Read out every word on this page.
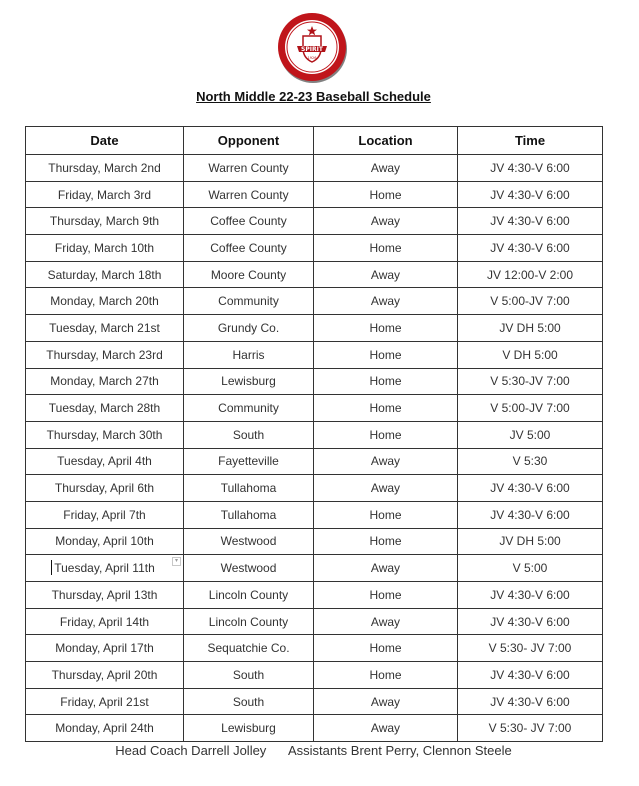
SPIRIT
1926
North Middle 22-23 Baseball Schedule
Date	Opponent	Location	Time
Thursday, March 2nd	Warren County	Away	JV 4:30-V 6:00
Friday, March 3rd	Warren County	Home	JV 4:30-V 6:00
Thursday, March 9th	Coffee County	Away	JV 4:30-V 6:00
Friday, March 10th	Coffee County	Home	JV 4:30-V 6:00
Saturday, March 18th	Moore County	Away	JV 12:00-V 2:00
Monday, March 20th	Community	Away	V 5:00-JV 7:00
Tuesday, March 21st	Grundy Co.	Home	JV DH 5:00
Thursday, March 23rd	Harris	Home	V DH 5:00
Monday, March 27th	Lewisburg	Home	V 5:30-JV 7:00
Tuesday, March 28th	Community	Home	V 5:00-JV 7:00
Thursday, March 30th	South	Home	JV 5:00
Tuesday, April 4th	Fayetteville	Away	V 5:30
Thursday, April 6th	Tullahoma	Away	JV 4:30-V 6:00
Friday, April 7th	Tullahoma	Home	JV 4:30-V 6:00
Monday, April 10th	Westwood	Home	JV DH 5:00
Tuesday, April 11th ▾	Westwood	Away	V 5:00
Thursday, April 13th	Lincoln County	Home	JV 4:30-V 6:00
Friday, April 14th	Lincoln County	Away	JV 4:30-V 6:00
Monday, April 17th	Sequatchie Co.	Home	V 5:30- JV 7:00
Thursday, April 20th	South	Home	JV 4:30-V 6:00
Friday, April 21st	South	Away	JV 4:30-V 6:00
Monday, April 24th	Lewisburg	Away	V 5:30- JV 7:00
Head Coach Darrell Jolley Assistants Brent Perry, Clennon Steele
